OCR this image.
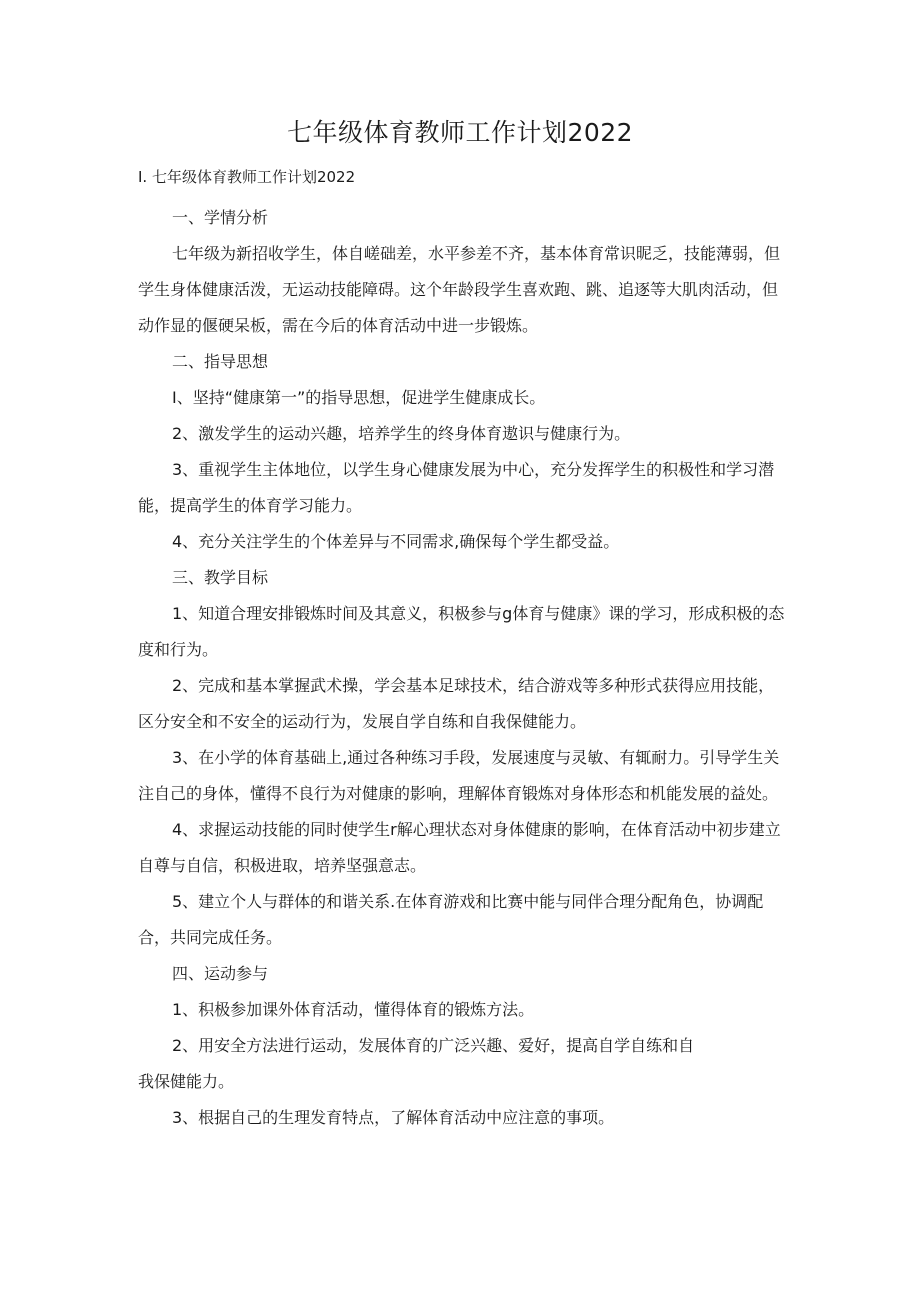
七年级体育教师工作计划2022
I. 七年级体育教师工作计划2022

一、学情分析

七年级为新招收学生，体自嵯础差，水平参差不齐，基本体育常识昵乏，技能薄弱，但学生身体健康活泼，无运动技能障碍。这个年龄段学生喜欢跑、跳、追逐等大肌肉活动，但动作显的偃硬呆板，需在今后的体育活动中进一步锻炼。

二、指导思想

I、坚持“健康第一”的指导思想，促进学生健康成长。

2、激发学生的运动兴趣，培养学生的终身体育遨识与健康行为。

3、重视学生主体地位，以学生身心健康发展为中心，充分发挥学生的积极性和学习潜能，提高学生的体育学习能力。

4、充分关注学生的个体差异与不同需求,确保每个学生都受益。

三、教学目标

1、知道合理安排锻炼时间及其意义，积极参与g体育与健康》课的学习，形成积极的态度和行为。

2、完成和基本掌握武术操，学会基本足球技术，结合游戏等多种形式获得应用技能，区分安全和不安全的运动行为，发展自学自练和自我保健能力。

3、在小学的体育基础上,通过各种练习手段，发展速度与灵敏、有辄耐力。引导学生关注自己的身体，懂得不良行为对健康的影响，理解体育锻炼对身体形态和机能发展的益处。

4、求握运动技能的同时使学生r解心理状态对身体健康的影响，在体育活动中初步建立自尊与自信，积极进取，培养坚强意志。

5、建立个人与群体的和谐关系.在体育游戏和比赛中能与同伴合理分配角色，协调配合，共同完成任务。

四、运动参与

1、积极参加课外体育活动，懂得体育的锻炼方法。

2、用安全方法进行运动，发展体育的广泛兴趣、爱好，提高自学自练和自

我保健能力。

3、根据自己的生理发育特点，了解体育活动中应注意的事项。
